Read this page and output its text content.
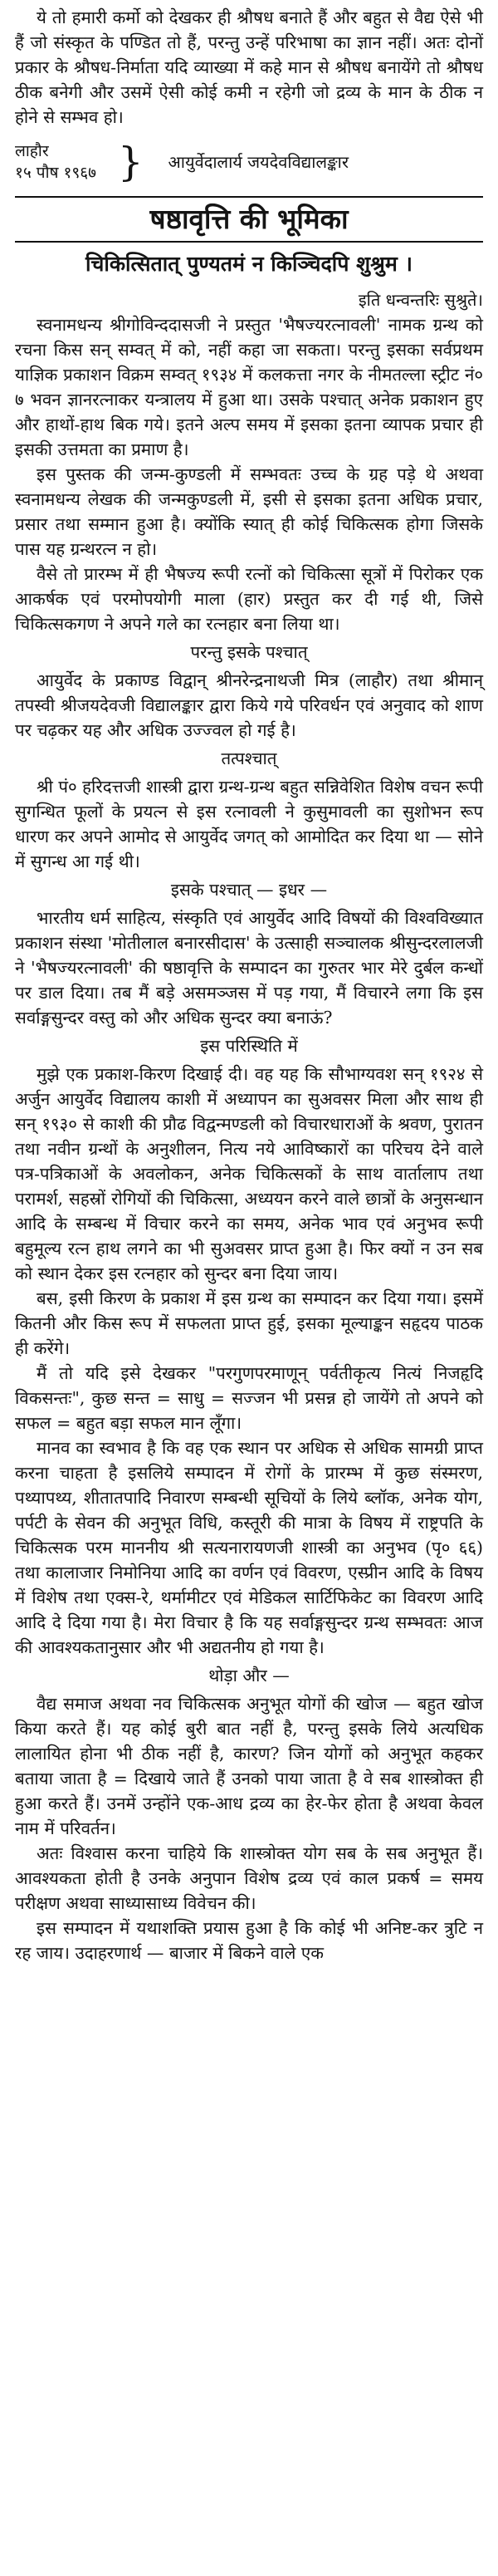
ये तो हमारी कर्मो को देखकर ही श्रौषध बनाते हैं और बहुत से वैद्य ऐसे भी हैं जो संस्कृत के पण्डित तो हैं, परन्तु उन्हें परिभाषा का ज्ञान नहीं। अतः दोनों प्रकार के श्रौषध-निर्माता यदि व्याख्या में कहे मान से श्रौषध बनायेंगे तो श्रौषध ठीक बनेगी और उसमें ऐसी कोई कमी न रहेगी जो द्रव्य के मान के ठीक न होने से सम्भव हो।

लाहौर
१५ पौष १९६७ } आयुर्वेदालार्य जयदेवविद्यालङ्कार
षष्ठावृत्ति की भूमिका
चिकित्सितात् पुण्यतमं न किञ्चिदपि शुश्रुम ।
इति धन्वन्तरिः सुश्रुते।

स्वनामधन्य श्रीगोविन्ददासजी ने प्रस्तुत 'भैषज्यरत्नावली' नामक ग्रन्थ को रचना किस सन् सम्वत् में को, नहीं कहा जा सकता। परन्तु इसका सर्वप्रथम याज्ञिक प्रकाशन विक्रम सम्वत् १९३४ में कलकत्ता नगर के नीमतल्ला स्ट्रीट नं० ७ भवन ज्ञानरत्नाकर यन्त्रालय में हुआ था। उसके पश्चात् अनेक प्रकाशन हुए और हाथों-हाथ बिक गये। इतने अल्प समय में इसका इतना व्यापक प्रचार ही इसकी उत्तमता का प्रमाण है।

इस पुस्तक की जन्म-कुण्डली में सम्भवतः उच्च के ग्रह पड़े थे अथवा स्वनामधन्य लेखक की जन्मकुण्डली में, इसी से इसका इतना अधिक प्रचार, प्रसार तथा सम्मान हुआ है। क्योंकि स्यात् ही कोई चिकित्सक होगा जिसके पास यह ग्रन्थरत्न न हो।

वैसे तो प्रारम्भ में ही भैषज्य रूपी रत्नों को चिकित्सा सूत्रों में पिरोकर एक आकर्षक एवं परमोपयोगी माला (हार) प्रस्तुत कर दी गई थी, जिसे चिकित्सकगण ने अपने गले का रत्नहार बना लिया था।

परन्तु इसके पश्चात्

आयुर्वेद के प्रकाण्ड विद्वान् श्रीनरेन्द्रनाथजी मित्र (लाहौर) तथा श्रीमान् तपस्वी श्रीजयदेवजी विद्यालङ्कार द्वारा किये गये परिवर्धन एवं अनुवाद को शाण पर चढ़कर यह और अधिक उज्ज्वल हो गई है।

तत्पश्चात्

श्री पं० हरिदत्तजी शास्त्री द्वारा ग्रन्थ-ग्रन्थ बहुत सन्निवेशित विशेष वचन रूपी सुगन्धित फूलों के प्रयत्न से इस रत्नावली ने कुसुमावली का सुशोभन रूप धारण कर अपने आमोद से आयुर्वेद जगत् को आमोदित कर दिया था — सोने में सुगन्ध आ गई थी।

इसके पश्चात् — इधर —

भारतीय धर्म साहित्य, संस्कृति एवं आयुर्वेद आदि विषयों की विश्वविख्यात प्रकाशन संस्था 'मोतीलाल बनारसीदास' के उत्साही सञ्चालक श्रीसुन्दरलालजी ने 'भैषज्यरत्नावली' की षष्ठावृत्ति के सम्पादन का गुरुतर भार मेरे दुर्बल कन्धों पर डाल दिया। तब मैं बड़े असमञ्जस में पड़ गया, मैं विचारने लगा कि इस सर्वाङ्गसुन्दर वस्तु को और अधिक सुन्दर क्या बनाऊं?

इस परिस्थिति में

मुझे एक प्रकाश-किरण दिखाई दी। वह यह कि सौभाग्यवश सन् १९२४ से अर्जुन आयुर्वेद विद्यालय काशी में अध्यापन का सुअवसर मिला और साथ ही सन् १९३० से काशी की प्रौढ विद्वन्मण्डली को विचारधाराओं के श्रवण, पुरातन तथा नवीन ग्रन्थों के अनुशीलन, नित्य नये आविष्कारों का परिचय देने वाले पत्र-पत्रिकाओं के अवलोकन, अनेक चिकित्सकों के साथ वार्तालाप तथा परामर्श, सहस्रों रोगियों की चिकित्सा, अध्ययन करने वाले छात्रों के अनुसन्धान आदि के सम्बन्ध में विचार करने का समय, अनेक भाव एवं अनुभव रूपी बहुमूल्य रत्न हाथ लगने का भी सुअवसर प्राप्त हुआ है। फिर क्यों न उन सब को स्थान देकर इस रत्नहार को सुन्दर बना दिया जाय।

बस, इसी किरण के प्रकाश में इस ग्रन्थ का सम्पादन कर दिया गया। इसमें कितनी और किस रूप में सफलता प्राप्त हुई, इसका मूल्याङ्कन सहृदय पाठक ही करेंगे।

मैं तो यदि इसे देखकर "परगुणपरमाणून् पर्वतीकृत्य नित्यं निजहृदि विकसन्तः", कुछ सन्त = साधु = सज्जन भी प्रसन्न हो जायेंगे तो अपने को सफल = बहुत बड़ा सफल मान लूँगा।

मानव का स्वभाव है कि वह एक स्थान पर अधिक से अधिक सामग्री प्राप्त करना चाहता है इसलिये सम्पादन में रोगों के प्रारम्भ में कुछ संस्मरण, पथ्यापथ्य, शीतातपादि निवारण सम्बन्धी सूचियों के लिये ब्लॉक, अनेक योग, पर्पटी के सेवन की अनुभूत विधि, कस्तूरी की मात्रा के विषय में राष्ट्रपति के चिकित्सक परम माननीय श्री सत्यनारायणजी शास्त्री का अनुभव (पृ० ६६) तथा कालाजार निमोनिया आदि का वर्णन एवं विवरण, एस्प्रीन आदि के विषय में विशेष तथा एक्स-रे, थर्मामीटर एवं मेडिकल सार्टिफिकेट का विवरण आदि आदि दे दिया गया है। मेरा विचार है कि यह सर्वाङ्गसुन्दर ग्रन्थ सम्भवतः आज की आवश्यकतानुसार और भी अद्यतनीय हो गया है।

थोड़ा और —

वैद्य समाज अथवा नव चिकित्सक अनुभूत योगों की खोज — बहुत खोज किया करते हैं। यह कोई बुरी बात नहीं है, परन्तु इसके लिये अत्यधिक लालायित होना भी ठीक नहीं है, कारण? जिन योगों को अनुभूत कहकर बताया जाता है = दिखाये जाते हैं उनको पाया जाता है वे सब शास्त्रोक्त ही हुआ करते हैं। उनमें उन्होंने एक-आध द्रव्य का हेर-फेर होता है अथवा केवल नाम में परिवर्तन।

अतः विश्वास करना चाहिये कि शास्त्रोक्त योग सब के सब अनुभूत हैं। आवश्यकता होती है उनके अनुपान विशेष द्रव्य एवं काल प्रकर्ष = समय परीक्षण अथवा साध्यासाध्य विवेचन की।

इस सम्पादन में यथाशक्ति प्रयास हुआ है कि कोई भी अनिष्ट-कर त्रुटि न रह जाय। उदाहरणार्थ — बाजार में बिकने वाले एक
